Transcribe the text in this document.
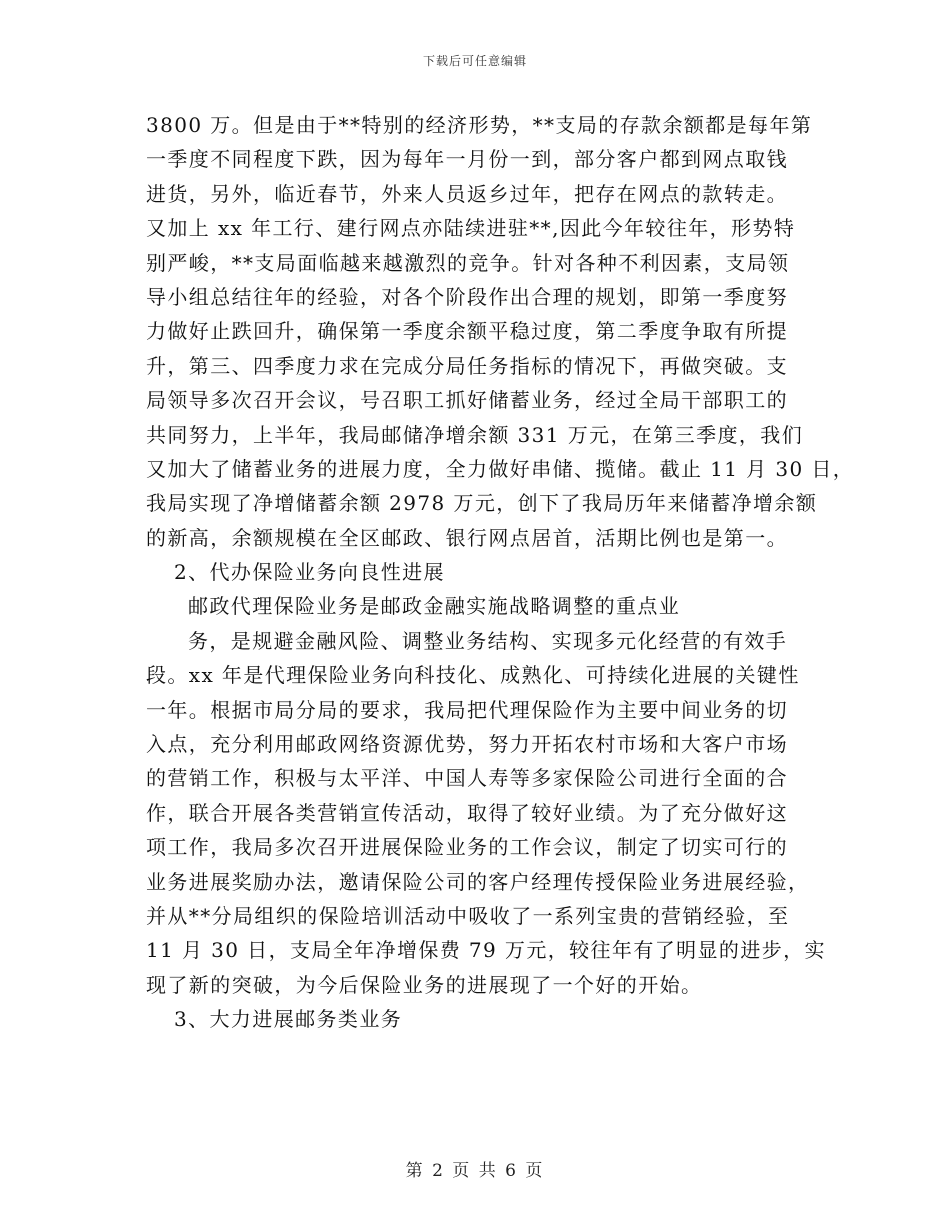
下载后可任意编辑
3800 万。但是由于**特别的经济形势，**支局的存款余额都是每年第
一季度不同程度下跌，因为每年一月份一到，部分客户都到网点取钱
进货，另外，临近春节，外来人员返乡过年，把存在网点的款转走。
又加上 xx 年工行、建行网点亦陆续进驻**,因此今年较往年，形势特
别严峻，**支局面临越来越激烈的竞争。针对各种不利因素，支局领
导小组总结往年的经验，对各个阶段作出合理的规划，即第一季度努
力做好止跌回升，确保第一季度余额平稳过度，第二季度争取有所提
升，第三、四季度力求在完成分局任务指标的情况下，再做突破。支
局领导多次召开会议，号召职工抓好储蓄业务，经过全局干部职工的
共同努力，上半年，我局邮储净增余额 331 万元，在第三季度，我们
又加大了储蓄业务的进展力度，全力做好串储、揽储。截止 11 月 30 日，
我局实现了净增储蓄余额 2978 万元，创下了我局历年来储蓄净增余额
的新高，余额规模在全区邮政、银行网点居首，活期比例也是第一。
2、代办保险业务向良性进展
邮政代理保险业务是邮政金融实施战略调整的重点业
务，是规避金融风险、调整业务结构、实现多元化经营的有效手
段。xx 年是代理保险业务向科技化、成熟化、可持续化进展的关键性
一年。根据市局分局的要求，我局把代理保险作为主要中间业务的切
入点，充分利用邮政网络资源优势，努力开拓农村市场和大客户市场
的营销工作，积极与太平洋、中国人寿等多家保险公司进行全面的合
作，联合开展各类营销宣传活动，取得了较好业绩。为了充分做好这
项工作，我局多次召开进展保险业务的工作会议，制定了切实可行的
业务进展奖励办法，邀请保险公司的客户经理传授保险业务进展经验，
并从**分局组织的保险培训活动中吸收了一系列宝贵的营销经验，至
11 月 30 日，支局全年净增保费 79 万元，较往年有了明显的进步，实
现了新的突破，为今后保险业务的进展现了一个好的开始。
3、大力进展邮务类业务
第 2 页 共 6 页
